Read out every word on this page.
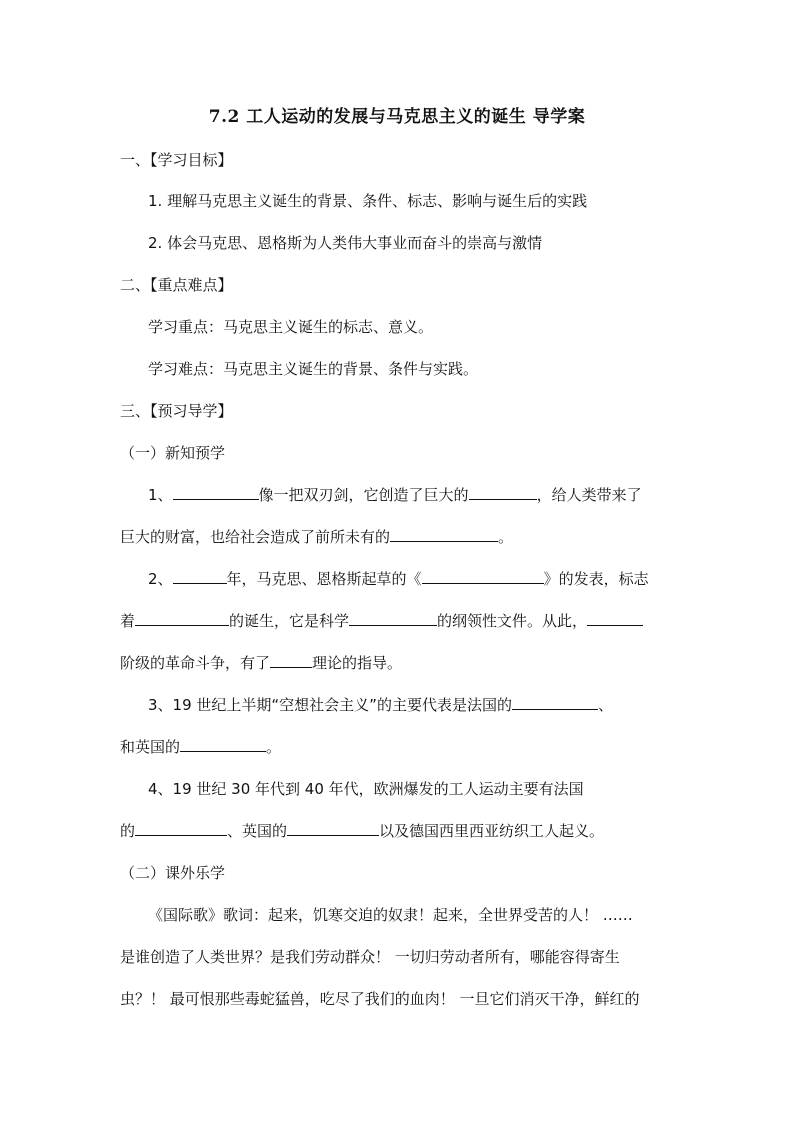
7.2 工人运动的发展与马克思主义的诞生 导学案
一、【学习目标】
1. 理解马克思主义诞生的背景、条件、标志、影响与诞生后的实践
2. 体会马克思、恩格斯为人类伟大事业而奋斗的崇高与激情
二、【重点难点】
学习重点：马克思主义诞生的标志、意义。
学习难点：马克思主义诞生的背景、条件与实践。
三、【预习导学】
（一）新知预学
1、	像一把双刃剑，它创造了巨大的	，给人类带来了
巨大的财富，也给社会造成了前所未有的	。
2、	年，马克思、恩格斯起草的《	》的发表，标志
着	的诞生，它是科学	的纲领性文件。从此，
阶级的革命斗争，有了	理论的指导。
3、19 世纪上半期“空想社会主义”的主要代表是法国的	、
和英国的	。
4、19 世纪 30 年代到 40 年代，欧洲爆发的工人运动主要有法国
的	、英国的	以及德国西里西亚纺织工人起义。
（二）课外乐学
《国际歌》歌词：起来，饥寒交迫的奴隶！起来，全世界受苦的人！ ……
是谁创造了人类世界？是我们劳动群众！ 一切归劳动者所有，哪能容得寄生
虫？！ 最可恨那些毒蛇猛兽，吃尽了我们的血肉！ 一旦它们消灭干净，鲜红的
